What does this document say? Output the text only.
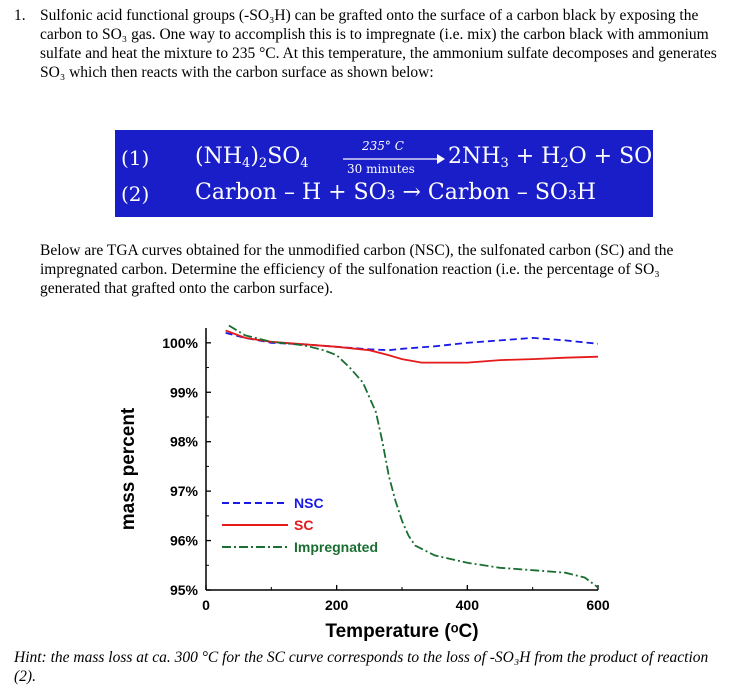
1. Sulfonic acid functional groups (-SO₃H) can be grafted onto the surface of a carbon black by exposing the carbon to SO₃ gas. One way to accomplish this is to impregnate (i.e. mix) the carbon black with ammonium sulfate and heat the mixture to 235 °C. At this temperature, the ammonium sulfate decomposes and generates SO₃ which then reacts with the carbon surface as shown below:

(1) $(NH_4)_2SO_4$
235° C
30 minutes $2NH_3 + H_2O + SO_3$
(2) Carbon – H + SO₃ → Carbon – SO₃H

Below are TGA curves obtained for the unmodified carbon (NSC), the sulfonated carbon (SC) and the impregnated carbon. Determine the efficiency of the sulfonation reaction (i.e. the percentage of SO₃ generated that grafted onto the carbon surface).

95%
96%
97%
98%
99%
100%
0	200	400	600
Temperature (ᵒC)
mass percent	NSC
SC
Impregnated

Hint: the mass loss at ca. 300 °C for the SC curve corresponds to the loss of -SO₃H from the product of reaction (2).
